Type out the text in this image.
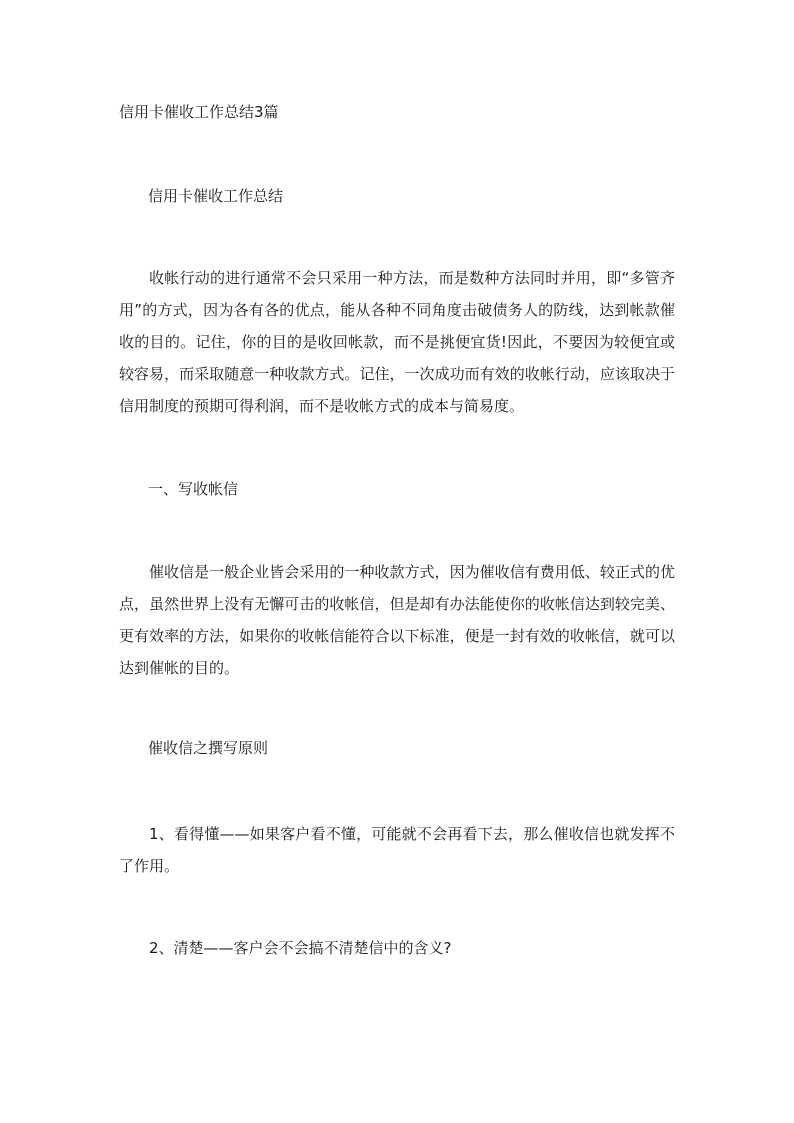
信用卡催收工作总结3篇
信用卡催收工作总结
收帐行动的进行通常不会只采用一种方法，而是数种方法同时并用，即“多管齐用”的方式，因为各有各的优点，能从各种不同角度击破债务人的防线，达到帐款催收的目的。记住，你的目的是收回帐款，而不是挑便宜货!因此，不要因为较便宜或较容易，而采取随意一种收款方式。记住，一次成功而有效的收帐行动，应该取决于信用制度的预期可得利润，而不是收帐方式的成本与简易度。
一、写收帐信
催收信是一般企业皆会采用的一种收款方式，因为催收信有费用低、较正式的优点，虽然世界上没有无懈可击的收帐信，但是却有办法能使你的收帐信达到较完美、更有效率的方法，如果你的收帐信能符合以下标准，便是一封有效的收帐信，就可以达到催帐的目的。
催收信之撰写原则
1、看得懂——如果客户看不懂，可能就不会再看下去，那么催收信也就发挥不了作用。
2、清楚——客户会不会搞不清楚信中的含义?
